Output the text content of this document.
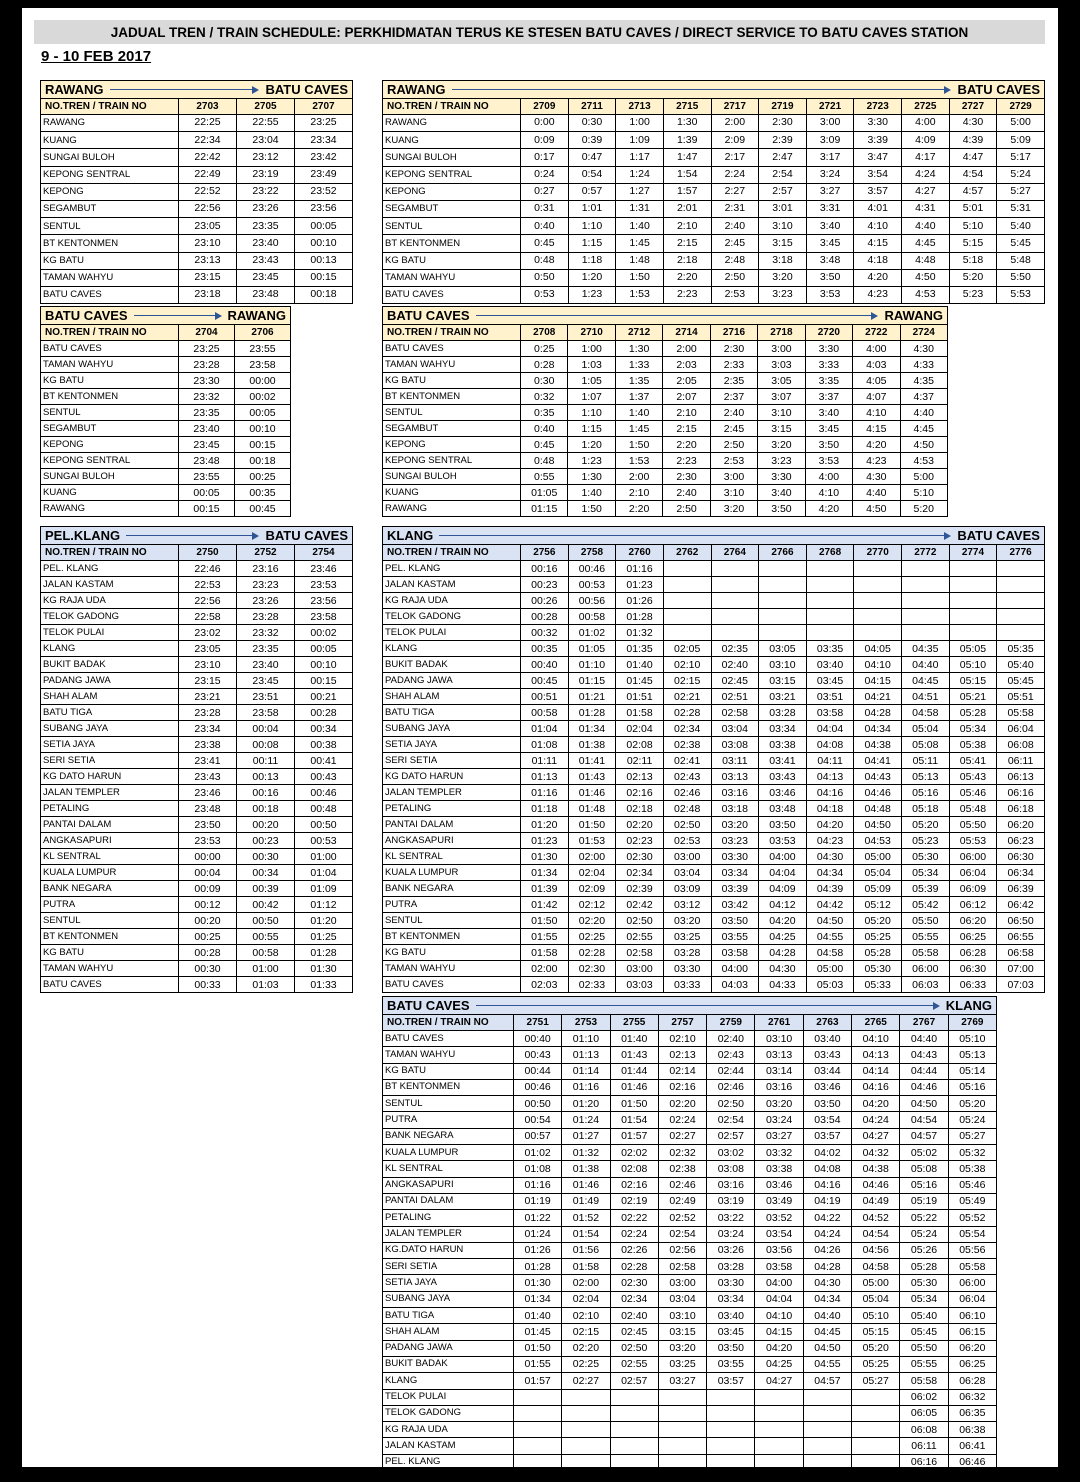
JADUAL TREN / TRAIN SCHEDULE: PERKHIDMATAN TERUS KE STESEN BATU CAVES / DIRECT SERVICE TO BATU CAVES STATION
9 - 10 FEB 2017
RAWANG BATU CAVES			

NO.TREN / TRAIN NO	2703	2705	2707
RAWANG	22:25	22:55	23:25
KUANG	22:34	23:04	23:34
SUNGAI BULOH	22:42	23:12	23:42
KEPONG SENTRAL	22:49	23:19	23:49
KEPONG	22:52	23:22	23:52
SEGAMBUT	22:56	23:26	23:56
SENTUL	23:05	23:35	00:05
BT KENTONMEN	23:10	23:40	00:10
KG BATU	23:13	23:43	00:13
TAMAN WAHYU	23:15	23:45	00:15
BATU CAVES	23:18	23:48	00:18
RAWANG BATU CAVES											

NO.TREN / TRAIN NO	2709	2711	2713	2715	2717	2719	2721	2723	2725	2727	2729
RAWANG	0:00	0:30	1:00	1:30	2:00	2:30	3:00	3:30	4:00	4:30	5:00
KUANG	0:09	0:39	1:09	1:39	2:09	2:39	3:09	3:39	4:09	4:39	5:09
SUNGAI BULOH	0:17	0:47	1:17	1:47	2:17	2:47	3:17	3:47	4:17	4:47	5:17
KEPONG SENTRAL	0:24	0:54	1:24	1:54	2:24	2:54	3:24	3:54	4:24	4:54	5:24
KEPONG	0:27	0:57	1:27	1:57	2:27	2:57	3:27	3:57	4:27	4:57	5:27
SEGAMBUT	0:31	1:01	1:31	2:01	2:31	3:01	3:31	4:01	4:31	5:01	5:31
SENTUL	0:40	1:10	1:40	2:10	2:40	3:10	3:40	4:10	4:40	5:10	5:40
BT KENTONMEN	0:45	1:15	1:45	2:15	2:45	3:15	3:45	4:15	4:45	5:15	5:45
KG BATU	0:48	1:18	1:48	2:18	2:48	3:18	3:48	4:18	4:48	5:18	5:48
TAMAN WAHYU	0:50	1:20	1:50	2:20	2:50	3:20	3:50	4:20	4:50	5:20	5:50
BATU CAVES	0:53	1:23	1:53	2:23	2:53	3:23	3:53	4:23	4:53	5:23	5:53
BATU CAVES RAWANG		

NO.TREN / TRAIN NO	2704	2706
BATU CAVES	23:25	23:55
TAMAN WAHYU	23:28	23:58
KG BATU	23:30	00:00
BT KENTONMEN	23:32	00:02
SENTUL	23:35	00:05
SEGAMBUT	23:40	00:10
KEPONG	23:45	00:15
KEPONG SENTRAL	23:48	00:18
SUNGAI BULOH	23:55	00:25
KUANG	00:05	00:35
RAWANG	00:15	00:45
BATU CAVES RAWANG									

NO.TREN / TRAIN NO	2708	2710	2712	2714	2716	2718	2720	2722	2724
BATU CAVES	0:25	1:00	1:30	2:00	2:30	3:00	3:30	4:00	4:30
TAMAN WAHYU	0:28	1:03	1:33	2:03	2:33	3:03	3:33	4:03	4:33
KG BATU	0:30	1:05	1:35	2:05	2:35	3:05	3:35	4:05	4:35
BT KENTONMEN	0:32	1:07	1:37	2:07	2:37	3:07	3:37	4:07	4:37
SENTUL	0:35	1:10	1:40	2:10	2:40	3:10	3:40	4:10	4:40
SEGAMBUT	0:40	1:15	1:45	2:15	2:45	3:15	3:45	4:15	4:45
KEPONG	0:45	1:20	1:50	2:20	2:50	3:20	3:50	4:20	4:50
KEPONG SENTRAL	0:48	1:23	1:53	2:23	2:53	3:23	3:53	4:23	4:53
SUNGAI BULOH	0:55	1:30	2:00	2:30	3:00	3:30	4:00	4:30	5:00
KUANG	01:05	1:40	2:10	2:40	3:10	3:40	4:10	4:40	5:10
RAWANG	01:15	1:50	2:20	2:50	3:20	3:50	4:20	4:50	5:20
PEL.KLANG BATU CAVES			

NO.TREN / TRAIN NO	2750	2752	2754
PEL. KLANG	22:46	23:16	23:46
JALAN KASTAM	22:53	23:23	23:53
KG RAJA UDA	22:56	23:26	23:56
TELOK GADONG	22:58	23:28	23:58
TELOK PULAI	23:02	23:32	00:02
KLANG	23:05	23:35	00:05
BUKIT BADAK	23:10	23:40	00:10
PADANG JAWA	23:15	23:45	00:15
SHAH ALAM	23:21	23:51	00:21
BATU TIGA	23:28	23:58	00:28
SUBANG JAYA	23:34	00:04	00:34
SETIA JAYA	23:38	00:08	00:38
SERI SETIA	23:41	00:11	00:41
KG DATO HARUN	23:43	00:13	00:43
JALAN TEMPLER	23:46	00:16	00:46
PETALING	23:48	00:18	00:48
PANTAI DALAM	23:50	00:20	00:50
ANGKASAPURI	23:53	00:23	00:53
KL SENTRAL	00:00	00:30	01:00
KUALA LUMPUR	00:04	00:34	01:04
BANK NEGARA	00:09	00:39	01:09
PUTRA	00:12	00:42	01:12
SENTUL	00:20	00:50	01:20
BT KENTONMEN	00:25	00:55	01:25
KG BATU	00:28	00:58	01:28
TAMAN WAHYU	00:30	01:00	01:30
BATU CAVES	00:33	01:03	01:33
KLANG BATU CAVES											

NO.TREN / TRAIN NO	2756	2758	2760	2762	2764	2766	2768	2770	2772	2774	2776
PEL. KLANG	00:16	00:46	01:16								
JALAN KASTAM	00:23	00:53	01:23								
KG RAJA UDA	00:26	00:56	01:26								
TELOK GADONG	00:28	00:58	01:28								
TELOK PULAI	00:32	01:02	01:32								
KLANG	00:35	01:05	01:35	02:05	02:35	03:05	03:35	04:05	04:35	05:05	05:35
BUKIT BADAK	00:40	01:10	01:40	02:10	02:40	03:10	03:40	04:10	04:40	05:10	05:40
PADANG JAWA	00:45	01:15	01:45	02:15	02:45	03:15	03:45	04:15	04:45	05:15	05:45
SHAH ALAM	00:51	01:21	01:51	02:21	02:51	03:21	03:51	04:21	04:51	05:21	05:51
BATU TIGA	00:58	01:28	01:58	02:28	02:58	03:28	03:58	04:28	04:58	05:28	05:58
SUBANG JAYA	01:04	01:34	02:04	02:34	03:04	03:34	04:04	04:34	05:04	05:34	06:04
SETIA JAYA	01:08	01:38	02:08	02:38	03:08	03:38	04:08	04:38	05:08	05:38	06:08
SERI SETIA	01:11	01:41	02:11	02:41	03:11	03:41	04:11	04:41	05:11	05:41	06:11
KG DATO HARUN	01:13	01:43	02:13	02:43	03:13	03:43	04:13	04:43	05:13	05:43	06:13
JALAN TEMPLER	01:16	01:46	02:16	02:46	03:16	03:46	04:16	04:46	05:16	05:46	06:16
PETALING	01:18	01:48	02:18	02:48	03:18	03:48	04:18	04:48	05:18	05:48	06:18
PANTAI DALAM	01:20	01:50	02:20	02:50	03:20	03:50	04:20	04:50	05:20	05:50	06:20
ANGKASAPURI	01:23	01:53	02:23	02:53	03:23	03:53	04:23	04:53	05:23	05:53	06:23
KL SENTRAL	01:30	02:00	02:30	03:00	03:30	04:00	04:30	05:00	05:30	06:00	06:30
KUALA LUMPUR	01:34	02:04	02:34	03:04	03:34	04:04	04:34	05:04	05:34	06:04	06:34
BANK NEGARA	01:39	02:09	02:39	03:09	03:39	04:09	04:39	05:09	05:39	06:09	06:39
PUTRA	01:42	02:12	02:42	03:12	03:42	04:12	04:42	05:12	05:42	06:12	06:42
SENTUL	01:50	02:20	02:50	03:20	03:50	04:20	04:50	05:20	05:50	06:20	06:50
BT KENTONMEN	01:55	02:25	02:55	03:25	03:55	04:25	04:55	05:25	05:55	06:25	06:55
KG BATU	01:58	02:28	02:58	03:28	03:58	04:28	04:58	05:28	05:58	06:28	06:58
TAMAN WAHYU	02:00	02:30	03:00	03:30	04:00	04:30	05:00	05:30	06:00	06:30	07:00
BATU CAVES	02:03	02:33	03:03	03:33	04:03	04:33	05:03	05:33	06:03	06:33	07:03
BATU CAVES KLANG										

NO.TREN / TRAIN NO	2751	2753	2755	2757	2759	2761	2763	2765	2767	2769
BATU CAVES	00:40	01:10	01:40	02:10	02:40	03:10	03:40	04:10	04:40	05:10
TAMAN WAHYU	00:43	01:13	01:43	02:13	02:43	03:13	03:43	04:13	04:43	05:13
KG BATU	00:44	01:14	01:44	02:14	02:44	03:14	03:44	04:14	04:44	05:14
BT KENTONMEN	00:46	01:16	01:46	02:16	02:46	03:16	03:46	04:16	04:46	05:16
SENTUL	00:50	01:20	01:50	02:20	02:50	03:20	03:50	04:20	04:50	05:20
PUTRA	00:54	01:24	01:54	02:24	02:54	03:24	03:54	04:24	04:54	05:24
BANK NEGARA	00:57	01:27	01:57	02:27	02:57	03:27	03:57	04:27	04:57	05:27
KUALA LUMPUR	01:02	01:32	02:02	02:32	03:02	03:32	04:02	04:32	05:02	05:32
KL SENTRAL	01:08	01:38	02:08	02:38	03:08	03:38	04:08	04:38	05:08	05:38
ANGKASAPURI	01:16	01:46	02:16	02:46	03:16	03:46	04:16	04:46	05:16	05:46
PANTAI DALAM	01:19	01:49	02:19	02:49	03:19	03:49	04:19	04:49	05:19	05:49
PETALING	01:22	01:52	02:22	02:52	03:22	03:52	04:22	04:52	05:22	05:52
JALAN TEMPLER	01:24	01:54	02:24	02:54	03:24	03:54	04:24	04:54	05:24	05:54
KG.DATO HARUN	01:26	01:56	02:26	02:56	03:26	03:56	04:26	04:56	05:26	05:56
SERI SETIA	01:28	01:58	02:28	02:58	03:28	03:58	04:28	04:58	05:28	05:58
SETIA JAYA	01:30	02:00	02:30	03:00	03:30	04:00	04:30	05:00	05:30	06:00
SUBANG JAYA	01:34	02:04	02:34	03:04	03:34	04:04	04:34	05:04	05:34	06:04
BATU TIGA	01:40	02:10	02:40	03:10	03:40	04:10	04:40	05:10	05:40	06:10
SHAH ALAM	01:45	02:15	02:45	03:15	03:45	04:15	04:45	05:15	05:45	06:15
PADANG JAWA	01:50	02:20	02:50	03:20	03:50	04:20	04:50	05:20	05:50	06:20
BUKIT BADAK	01:55	02:25	02:55	03:25	03:55	04:25	04:55	05:25	05:55	06:25
KLANG	01:57	02:27	02:57	03:27	03:57	04:27	04:57	05:27	05:58	06:28
TELOK PULAI									06:02	06:32
TELOK GADONG									06:05	06:35
KG RAJA UDA									06:08	06:38
JALAN KASTAM									06:11	06:41
PEL. KLANG									06:16	06:46
